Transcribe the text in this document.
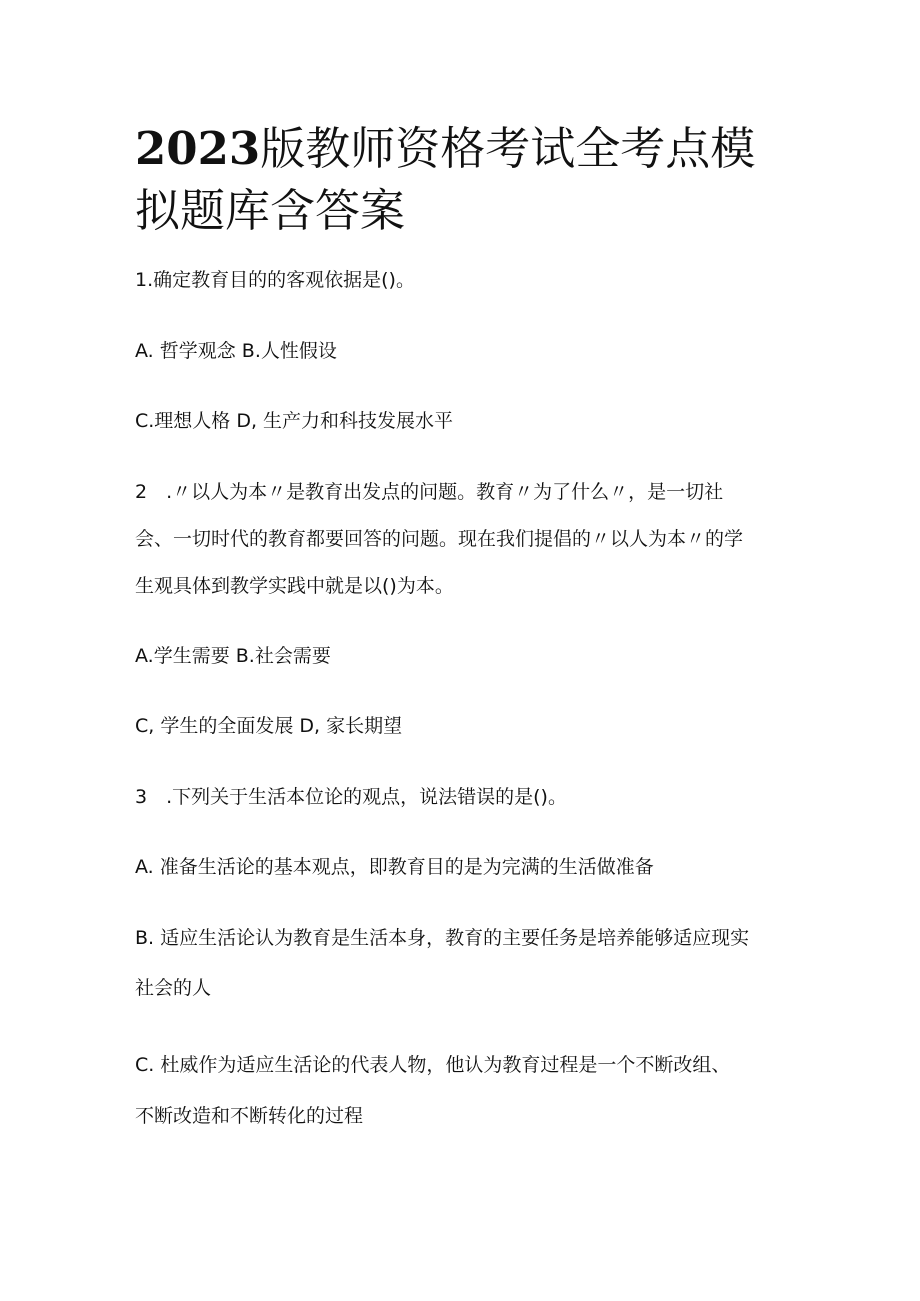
2023版教师资格考试全考点模拟题库含答案

1.确定教育目的的客观依据是()。

A. 哲学观念 B.人性假设

C.理想人格 D, 生产力和科技发展水平

2　.〃以人为本〃是教育出发点的问题。教育〃为了什么〃，是一切社

会、一切时代的教育都要回答的问题。现在我们提倡的〃以人为本〃的学

生观具体到教学实践中就是以()为本。

A.学生需要 B.社会需要

C, 学生的全面发展 D, 家长期望

3　.下列关于生活本位论的观点，说法错误的是()。

A. 准备生活论的基本观点，即教育目的是为完满的生活做准备

B. 适应生活论认为教育是生活本身，教育的主要任务是培养能够适应现实

社会的人

C. 杜威作为适应生活论的代表人物，他认为教育过程是一个不断改组、

不断改造和不断转化的过程
